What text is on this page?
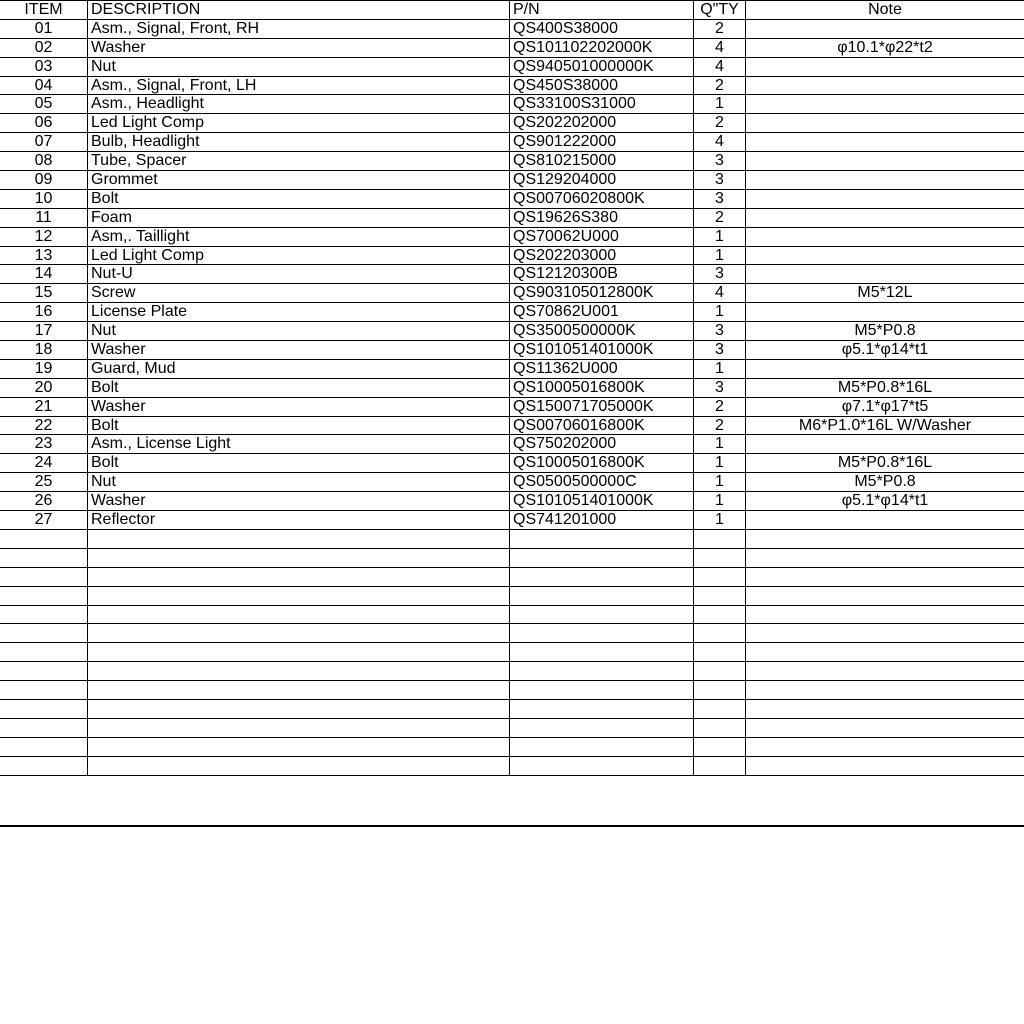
ITEM	DESCRIPTION	P/N	Q"TY	Note
01	Asm., Signal, Front, RH	QS400S38000	2	
02	Washer	QS101102202000K	4	φ10.1*φ22*t2
03	Nut	QS940501000000K	4	
04	Asm., Signal, Front, LH	QS450S38000	2	
05	Asm., Headlight	QS33100S31000	1	
06	Led Light Comp	QS202202000	2	
07	Bulb, Headlight	QS901222000	4	
08	Tube, Spacer	QS810215000	3	
09	Grommet	QS129204000	3	
10	Bolt	QS00706020800K	3	
11	Foam	QS19626S380	2	
12	Asm,. Taillight	QS70062U000	1	
13	Led Light Comp	QS202203000	1	
14	Nut-U	QS12120300B	3	
15	Screw	QS903105012800K	4	M5*12L
16	License Plate	QS70862U001	1	
17	Nut	QS3500500000K	3	M5*P0.8
18	Washer	QS101051401000K	3	φ5.1*φ14*t1
19	Guard, Mud	QS11362U000	1	
20	Bolt	QS10005016800K	3	M5*P0.8*16L
21	Washer	QS150071705000K	2	φ7.1*φ17*t5
22	Bolt	QS00706016800K	2	M6*P1.0*16L W/Washer
23	Asm., License Light	QS750202000	1	
24	Bolt	QS10005016800K	1	M5*P0.8*16L
25	Nut	QS0500500000C	1	M5*P0.8
26	Washer	QS101051401000K	1	φ5.1*φ14*t1
27	Reflector	QS741201000	1	
